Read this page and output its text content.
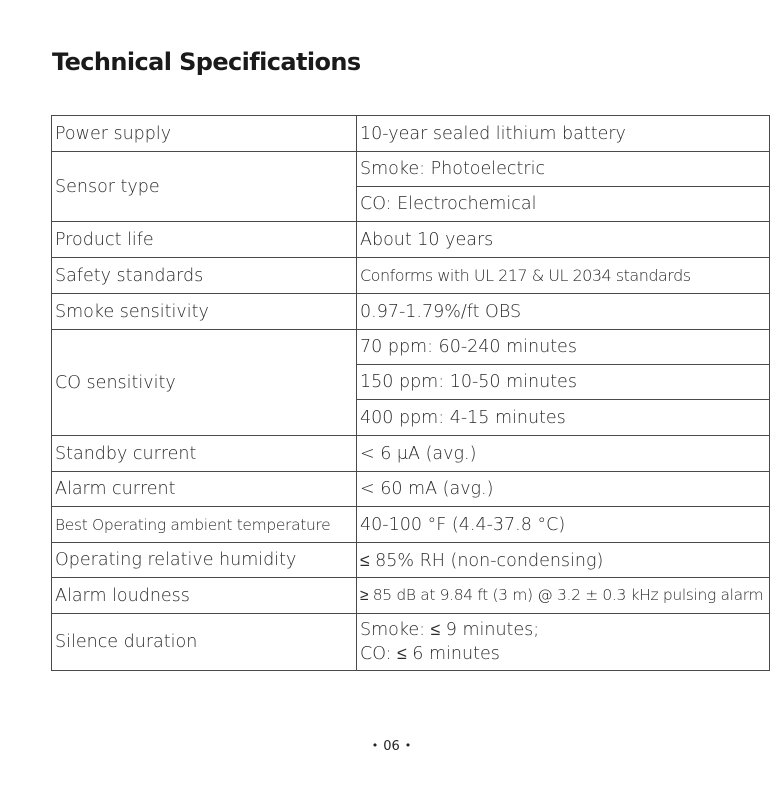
Technical Specifications
Power supply	10-year sealed lithium battery
Sensor type	Smoke: Photoelectric
	CO: Electrochemical
Product life	About 10 years
Safety standards	Conforms with UL 217 & UL 2034 standards
Smoke sensitivity	0.97-1.79%/ft OBS
CO sensitivity	70 ppm: 60-240 minutes
	150 ppm: 10-50 minutes
	400 ppm: 4-15 minutes
Standby current	< 6 μA (avg.)
Alarm current	< 60 mA (avg.)
Best Operating ambient temperature	40-100 °F (4.4-37.8 °C)
Operating relative humidity	≤ 85% RH (non-condensing)
Alarm loudness	≥ 85 dB at 9.84 ft (3 m) @ 3.2 ± 0.3 kHz pulsing alarm
Silence duration	Smoke: ≤ 9 minutes;
CO: ≤ 6 minutes
• 06 •
